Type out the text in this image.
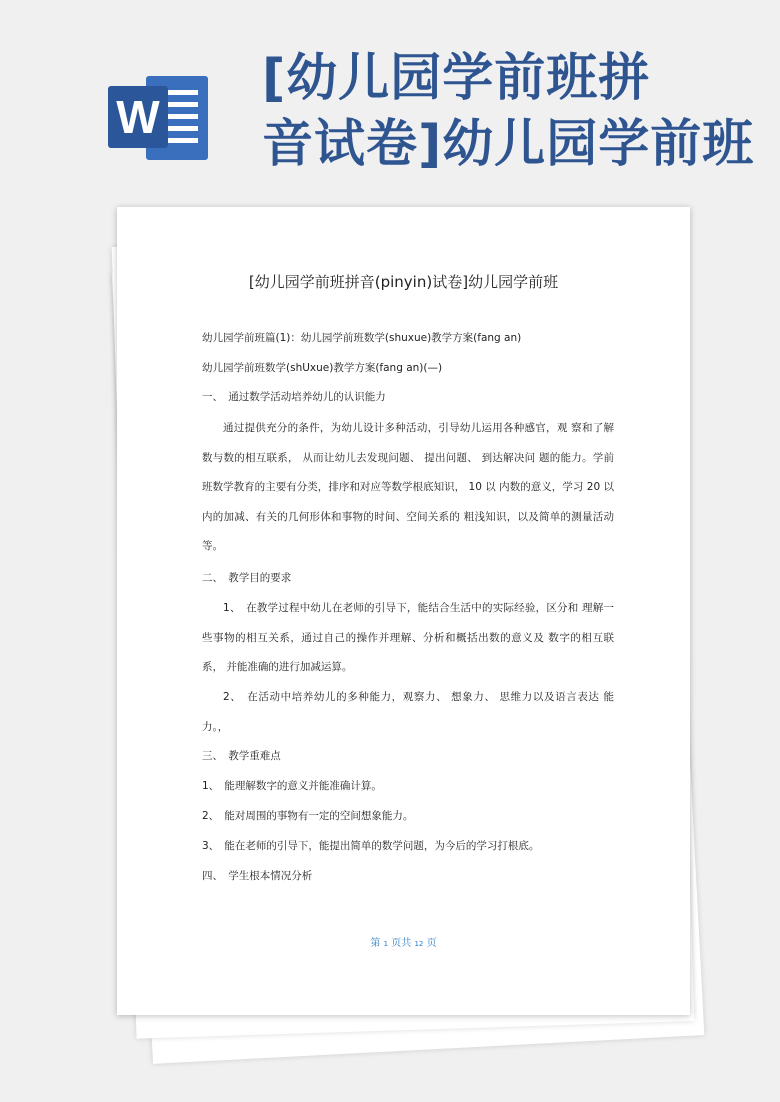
W
[幼儿园学前班拼
音试卷]幼儿园学前班
[幼儿园学前班拼音(pinyin)试卷]幼儿园学前班
幼儿园学前班篇(1)：幼儿园学前班数学(shuxue)教学方案(fang an)
幼儿园学前班数学(shUxue)教学方案(fang an)(—)
一、　通过数学活动培养幼儿的认识能力
通过提供充分的条件，为幼儿设计多种活动，引导幼儿运用各种感官，观 察和了解数与数的相互联系， 从而让幼儿去发现问题、 提出问题、 到达解决问 题的能力。学前班数学教育的主要有分类，排序和对应等数学根底知识， 10 以 内数的意义，学习 20 以内的加减、有关的几何形体和事物的时间、空间关系的 粗浅知识，以及简单的测量活动等。
二、　教学目的要求
1、　在教学过程中幼儿在老师的引导下，能结合生活中的实际经验，区分和 理解一些事物的相互关系，通过自己的操作并理解、分析和概括出数的意义及 数字的相互联系， 并能准确的进行加减运算。
2、　在活动中培养幼儿的多种能力，观察力、 想象力、 思维力以及语言表达 能力。，
三、　教学重难点
1、　能理解数字的意义并能准确计算。
2、　能对周围的事物有一定的空间想象能力。
3、　能在老师的引导下，能提出简单的数学问题，为今后的学习打根底。
四、　学生根本情况分析
第 1 页共 12 页
